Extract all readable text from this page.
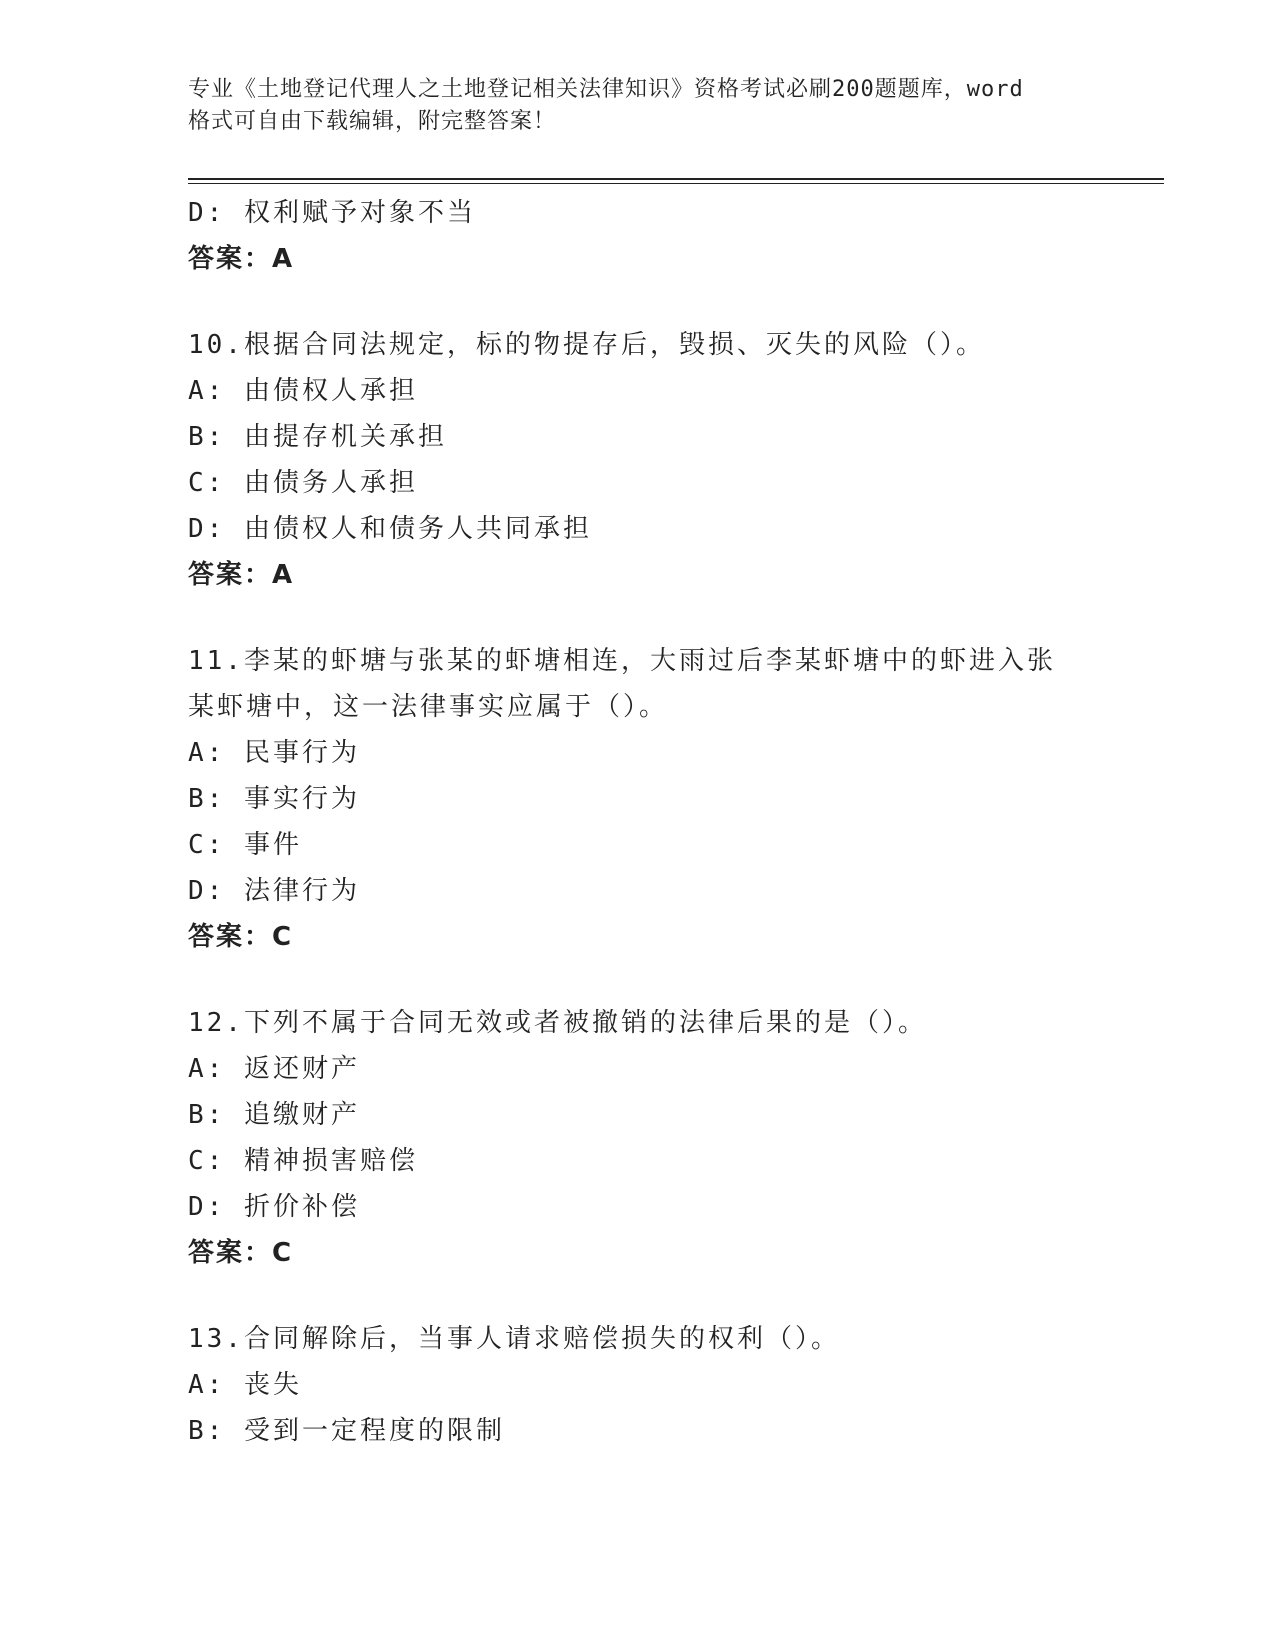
专业《土地登记代理人之土地登记相关法律知识》资格考试必刷200题题库，word
格式可自由下载编辑，附完整答案！
D: 权利赋予对象不当
答案：A
10.根据合同法规定，标的物提存后，毁损、灭失的风险（）。
A: 由债权人承担
B: 由提存机关承担
C: 由债务人承担
D: 由债权人和债务人共同承担
答案：A
11.李某的虾塘与张某的虾塘相连，大雨过后李某虾塘中的虾进入张某虾塘中，这一法律事实应属于（）。
A: 民事行为
B: 事实行为
C: 事件
D: 法律行为
答案：C
12.下列不属于合同无效或者被撤销的法律后果的是（）。
A: 返还财产
B: 追缴财产
C: 精神损害赔偿
D: 折价补偿
答案：C
13.合同解除后，当事人请求赔偿损失的权利（）。
A: 丧失
B: 受到一定程度的限制
